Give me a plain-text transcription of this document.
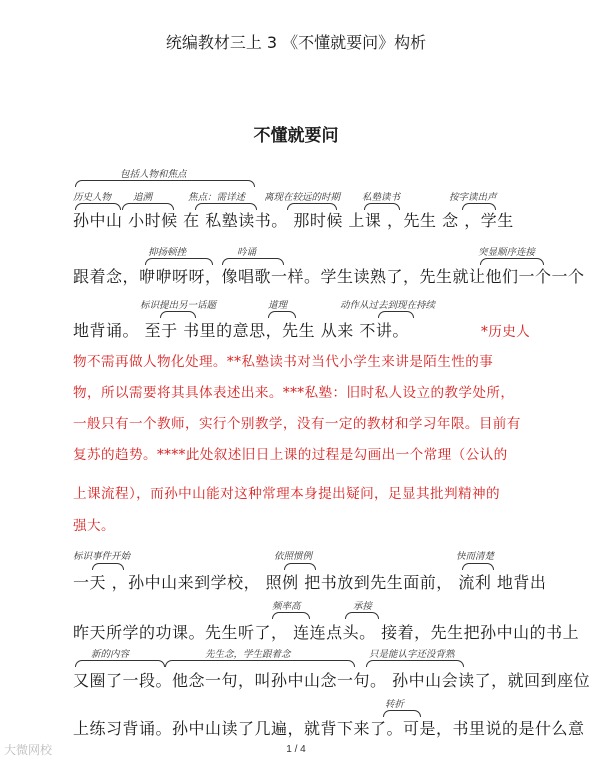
统编教材三上 3 《不懂就要问》构析
不懂就要问
包括人物和焦点
历史人物 追溯	焦点：需详述 离现在较远的时期 私塾读书	按字读出声
孙中山 小时候 在 私塾读书。 那时候 上课 ，先生 念 ，学生
抑扬顿挫	吟诵	突显顺序连接
跟着念，咿咿呀呀，像唱歌一样。学生读熟了，先生就让他们一个一个
标识提出另一话题	道理	动作从过去到现在持续
地背诵。 至于 书里的意思，先生 从来 不讲。	*历史人
物不需再做人物化处理。**私塾读书对当代小学生来讲是陌生性的事
物，所以需要将其具体表述出来。***私塾：旧时私人设立的教学处所，
一般只有一个教师，实行个别教学，没有一定的教材和学习年限。目前有
复苏的趋势。****此处叙述旧日上课的过程是勾画出一个常理（公认的
上课流程），而孙中山能对这种常理本身提出疑问，足显其批判精神的
强大。
标识事件开始	依照惯例	快而清楚
一天 ，孙中山来到学校， 照例 把书放到先生面前， 流利 地背出
频率高	承接
昨天所学的功课。先生听了， 连连点头。 接着，先生把孙中山的书上
新的内容	先生念，学生跟着念	只是能认字还没背熟
又圈了一段。他念一句，叫孙中山念一句。 孙中山会读了，就回到座位
转折
上练习背诵。孙中山读了几遍，就背下来了。可是，书里说的是什么意
1 / 4
大微网校
